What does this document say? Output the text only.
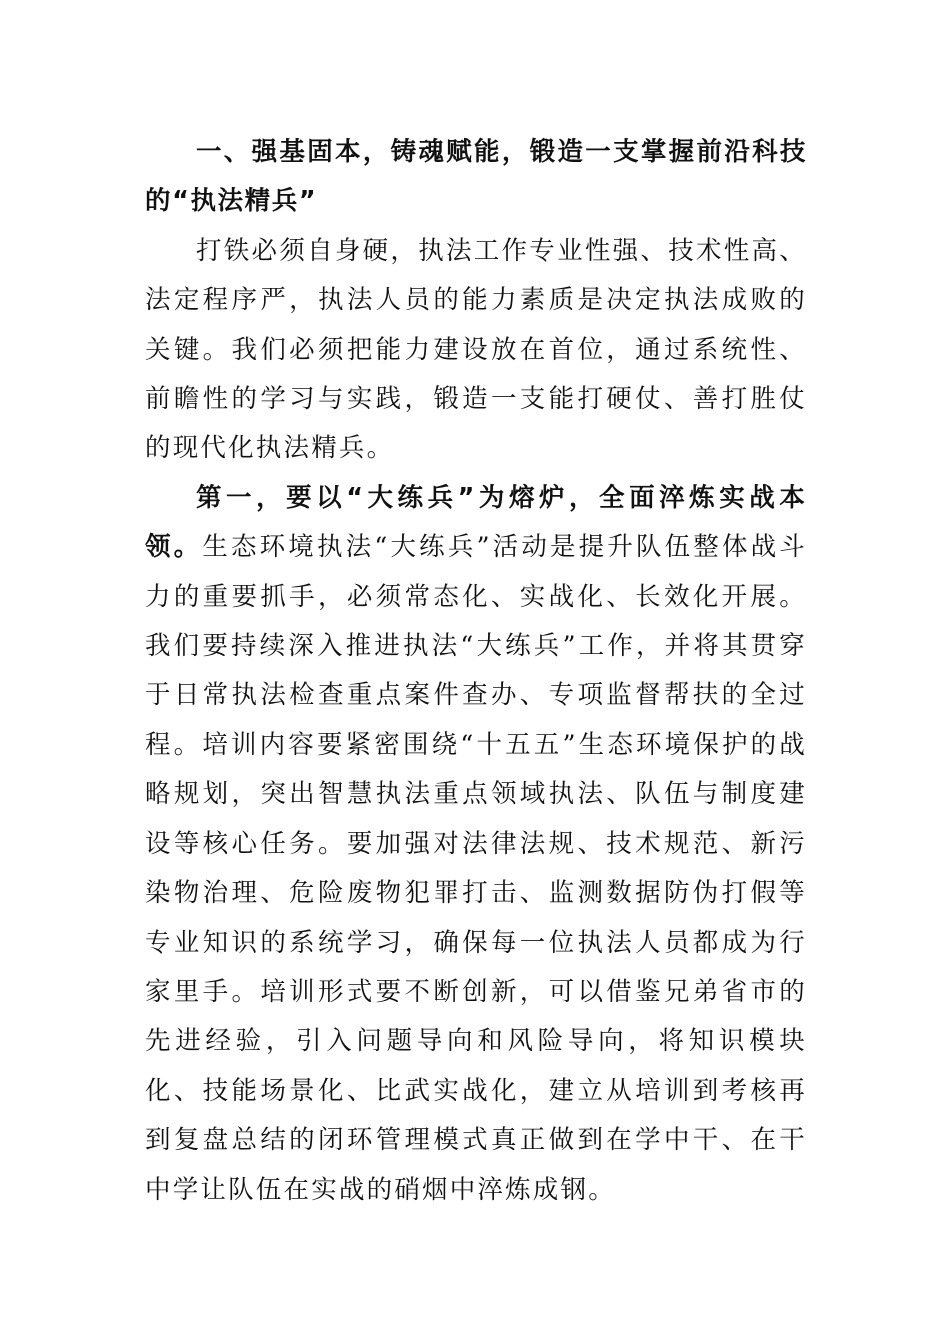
一、强基固本，铸魂赋能，锻造一支掌握前沿科技的“执法精兵”

打铁必须自身硬，执法工作专业性强、技术性高、法定程序严，执法人员的能力素质是决定执法成败的关键。我们必须把能力建设放在首位，通过系统性、前瞻性的学习与实践，锻造一支能打硬仗、善打胜仗的现代化执法精兵。

第一，要以“大练兵”为熔炉，全面淬炼实战本领。生态环境执法“大练兵”活动是提升队伍整体战斗力的重要抓手，必须常态化、实战化、长效化开展。我们要持续深入推进执法“大练兵”工作，并将其贯穿于日常执法检查重点案件查办、专项监督帮扶的全过程。培训内容要紧密围绕“十五五”生态环境保护的战略规划，突出智慧执法重点领域执法、队伍与制度建设等核心任务。要加强对法律法规、技术规范、新污染物治理、危险废物犯罪打击、监测数据防伪打假等专业知识的系统学习，确保每一位执法人员都成为行家里手。培训形式要不断创新，可以借鉴兄弟省市的先进经验，引入问题导向和风险导向，将知识模块化、技能场景化、比武实战化，建立从培训到考核再到复盘总结的闭环管理模式真正做到在学中干、在干中学让队伍在实战的硝烟中淬炼成钢。
